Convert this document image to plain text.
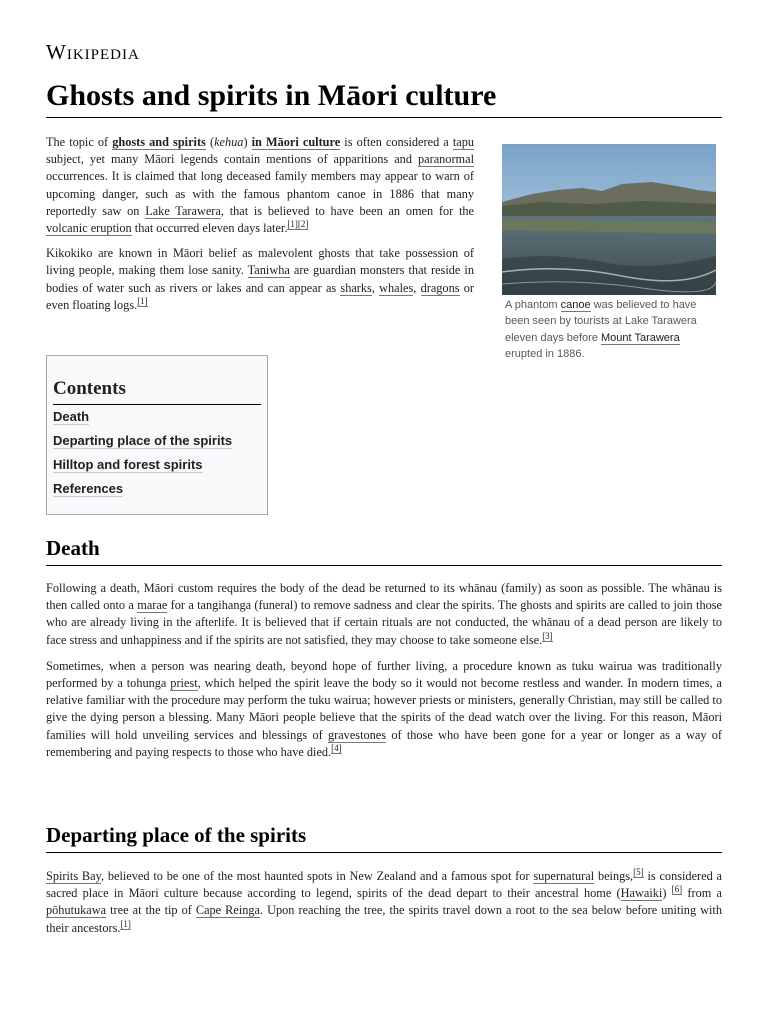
Wikipedia
Ghosts and spirits in Māori culture

The topic of ghosts and spirits (kehua) in Māori culture is often considered a tapu subject, yet many Māori legends contain mentions of apparitions and paranormal occurrences. It is claimed that long deceased family members may appear to warn of upcoming danger, such as with the famous phantom canoe in 1886 that many reportedly saw on Lake Tarawera, that is believed to have been an omen for the volcanic eruption that occurred eleven days later.[1][2]

Kikokiko are known in Māori belief as malevolent ghosts that take possession of living people, making them lose sanity. Taniwha are guardian monsters that reside in bodies of water such as rivers or lakes and can appear as sharks, whales, dragons or even floating logs.[1]	A phantom canoe was believed to have been seen by tourists at Lake Tarawera eleven days before Mount Tarawera erupted in 1886.
Contents
Death
Departing place of the spirits
Hilltop and forest spirits
References
Death

Following a death, Māori custom requires the body of the dead be returned to its whānau (family) as soon as possible. The whānau is then called onto a marae for a tangihanga (funeral) to remove sadness and clear the spirits. The ghosts and spirits are called to join those who are already living in the afterlife. It is believed that if certain rituals are not conducted, the whānau of a dead person are likely to face stress and unhappiness and if the spirits are not satisfied, they may choose to take someone else.[3]

Sometimes, when a person was nearing death, beyond hope of further living, a procedure known as tuku wairua was traditionally performed by a tohunga priest, which helped the spirit leave the body so it would not become restless and wander. In modern times, a relative familiar with the procedure may perform the tuku wairua; however priests or ministers, generally Christian, may still be called to give the dying person a blessing. Many Māori people believe that the spirits of the dead watch over the living. For this reason, Māori families will hold unveiling services and blessings of gravestones of those who have been gone for a year or longer as a way of remembering and paying respects to those who have died.[4]

Departing place of the spirits

Spirits Bay, believed to be one of the most haunted spots in New Zealand and a famous spot for supernatural beings,[5] is considered a sacred place in Māori culture because according to legend, spirits of the dead depart to their ancestral home (Hawaiki) [6] from a pōhutukawa tree at the tip of Cape Reinga. Upon reaching the tree, the spirits travel down a root to the sea below before uniting with their ancestors.[1]
